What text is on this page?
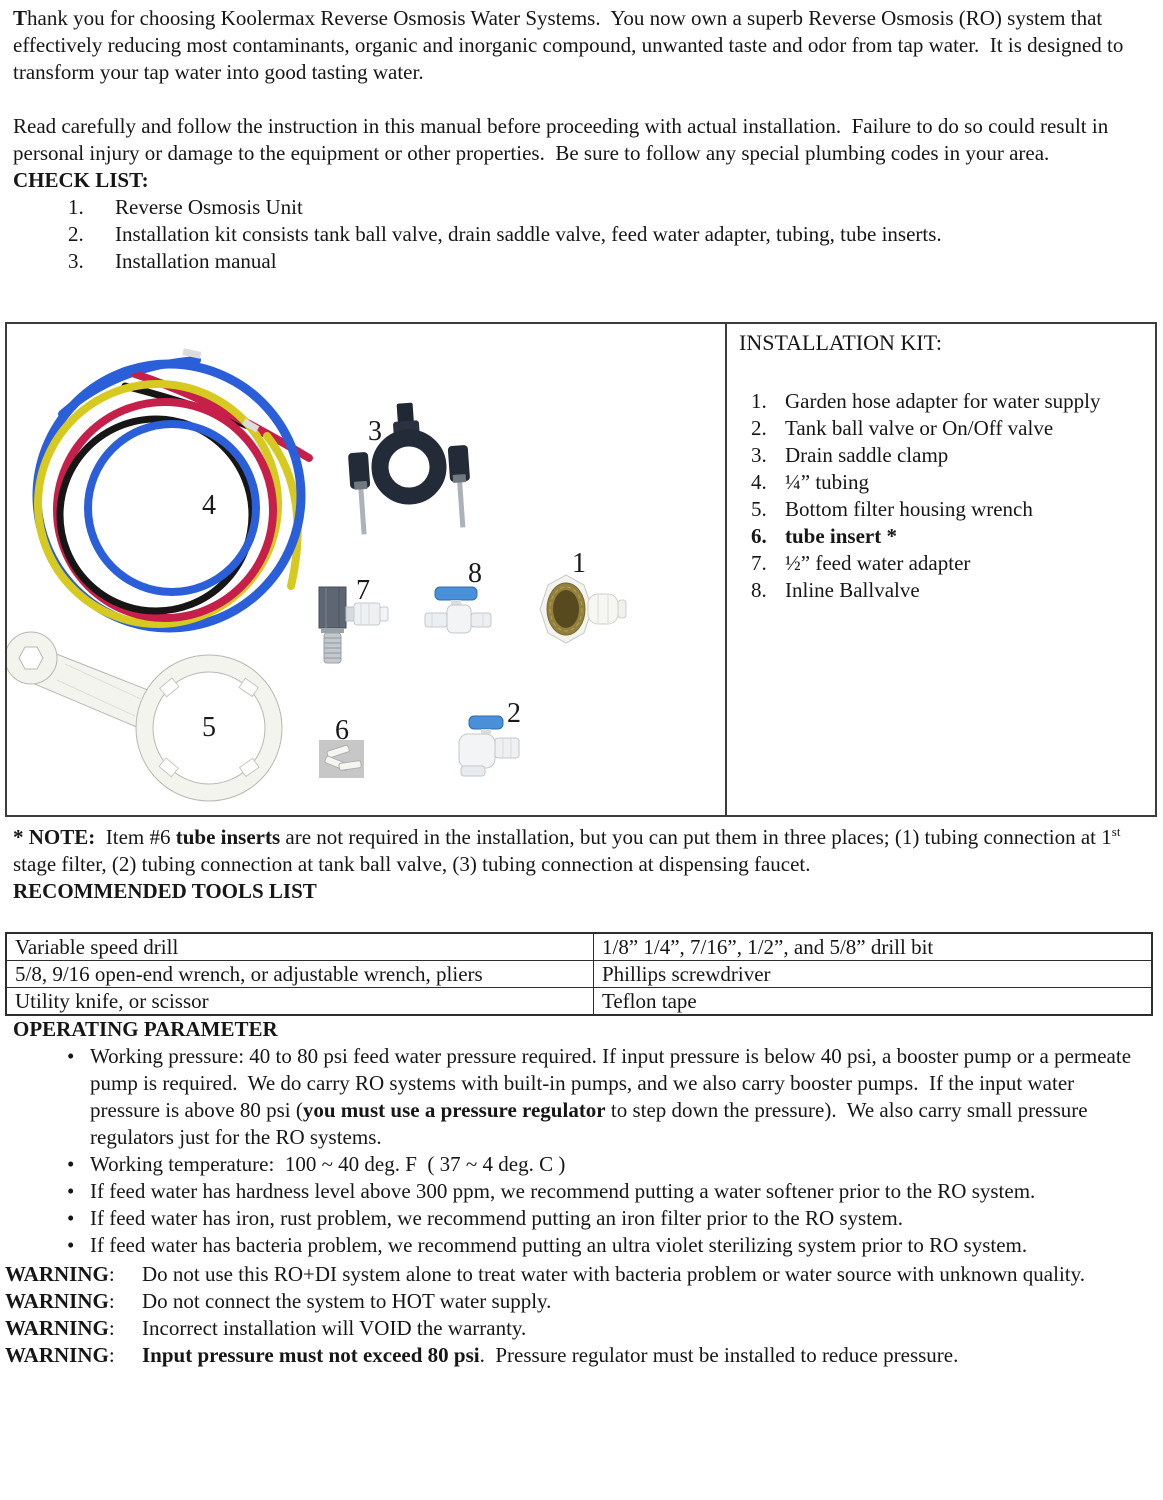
Thank you for choosing Koolermax Reverse Osmosis Water Systems.  You now own a superb Reverse Osmosis (RO) system that effectively reducing most contaminants, organic and inorganic compound, unwanted taste and odor from tap water.  It is designed to transform your tap water into good tasting water.

Read carefully and follow the instruction in this manual before proceeding with actual installation.  Failure to do so could result in personal injury or damage to the equipment or other properties.  Be sure to follow any special plumbing codes in your area.

CHECK LIST:
Reverse Osmosis Unit
Installation kit consists tank ball valve, drain saddle valve, feed water adapter, tubing, tube inserts.
Installation manual
1
2
3
4
5	6
7
8
INSTALLATION KIT:
Garden hose adapter for water supply
Tank ball valve or On/Off valve
Drain saddle clamp
¼” tubing
Bottom filter housing wrench
tube insert *
½” feed water adapter
Inline Ballvalve

* NOTE:  Item #6 tube inserts are not required in the installation, but you can put them in three places; (1) tubing connection at 1st stage filter, (2) tubing connection at tank ball valve, (3) tubing connection at dispensing faucet.

RECOMMENDED TOOLS LIST
Variable speed drill	1/8” 1/4”, 7/16”, 1/2”, and 5/8” drill bit
5/8, 9/16 open-end wrench, or adjustable wrench, pliers	Phillips screwdriver
Utility knife, or scissor	Teflon tape
OPERATING PARAMETER
• Working pressure: 40 to 80 psi feed water pressure required. If input pressure is below 40 psi, a booster pump or a permeate pump is required.  We do carry RO systems with built-in pumps, and we also carry booster pumps.  If the input water pressure is above 80 psi (you must use a pressure regulator to step down the pressure).  We also carry small pressure regulators just for the RO systems.
• Working temperature:  100 ~ 40 deg. F  ( 37 ~ 4 deg. C )
• If feed water has hardness level above 300 ppm, we recommend putting a water softener prior to the RO system.
• If feed water has iron, rust problem, we recommend putting an iron filter prior to the RO system.
• If feed water has bacteria problem, we recommend putting an ultra violet sterilizing system prior to RO system.
WARNING:	Do not use this RO+DI system alone to treat water with bacteria problem or water source with unknown quality.
WARNING:	Do not connect the system to HOT water supply.
WARNING:	Incorrect installation will VOID the warranty.
WARNING:	Input pressure must not exceed 80 psi.  Pressure regulator must be installed to reduce pressure.
